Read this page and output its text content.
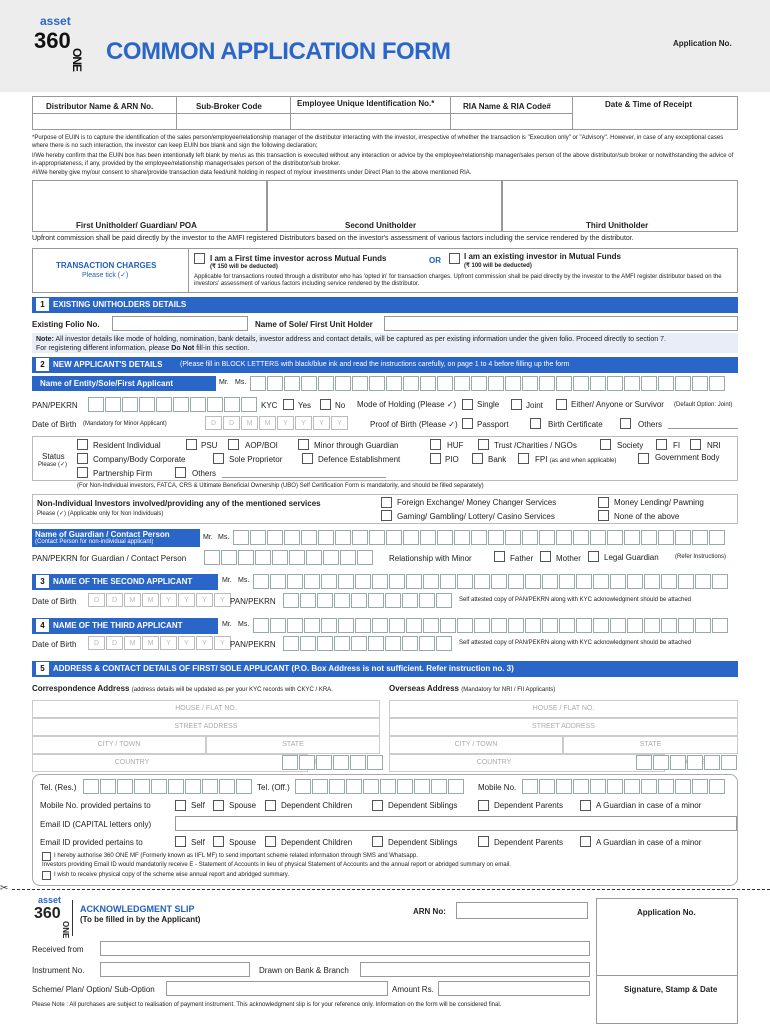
asset
360
ONE COMMON APPLICATION FORM	Application No.
Distributor Name & ARN No.	Sub-Broker Code	Employee Unique Identification No.*	RIA Name & RIA Code#	Date & Time of Receipt
*Purpose of EUIN is to capture the identification of the sales person/employee/relationship manager of the distributor interacting with the investor, irrespective of whether the transaction is "Execution only" or "Advisory". However, in case of any exceptional cases where there is no such interaction, the investor can keep EUIN box blank and sign the following declaration;
I/We hereby confirm that the EUIN box has been intentionally left blank by me/us as this transaction is executed without any interaction or advice by the employee/relationship manager/sales person of the above distributor/sub broker or notwithstanding the advice of in-appropriateness, if any, provided by the employee/relationship manager/sales person of the distributor/sub broker.
#I/We hereby give my/our consent to share/provide transaction data feed/unit holding in respect of my/our investments under Direct Plan to the above mentioned RIA.
First Unitholder/ Guardian/ POA	Second Unitholder	Third Unitholder
Upfront commission shall be paid directly by the investor to the AMFI registered Distributors based on the investor's assessment of various factors including the service rendered by the distributor.
TRANSACTION CHARGES
Please tick (✓)
I am a First time investor across Mutual Funds
(₹ 150 will be deducted)
OR	I am an existing investor in Mutual Funds
(₹ 100 will be deducted)
Applicable for transactions routed through a distributor who has 'opted in' for transaction charges. Upfront commission shall be paid directly by the investor to the AMFI register distributor based on the investors' assessment of various factors including service rendered by the distributor.
1 EXISTING UNITHOLDERS DETAILS
Existing Folio No.	Name of Sole/ First Unit Holder
Note: All investor details like mode of holding, nomination, bank details, investor address and contact details, will be captured as per existing information under the given folio. Proceed directly to section 7.
For registering different information, please Do Not fill-in this section.
2 NEW APPLICANT'S DETAILS	(Please fill in BLOCK LETTERS with black/blue ink and read the instructions carefully, on page 1 to 4 before filling up the form
Name of Entity/Sole/First Applicant	Mr. Ms.
PAN/PEKRN	KYC	Yes	No Mode of Holding (Please ✓)	Single	Joint	Either/ Anyone or Survivor (Default Option: Joint)
Date of Birth (Mandatory for Minor Applicant)	D	D	M	M	Y	Y	Y	Y	Proof of Birth (Please ✓) Passport	Birth Certificate	Others
Status
Please (✓)
Resident Individual	PSU	AOP/BOI	Minor through Guardian	HUF	Trust /Charities / NGOs	Society	FI	NRI
Company/Body Corporate	Sole Proprietor	Defence Establishment	PIO	Bank	FPI (as and when applicable)	Government Body
Partnership Firm	Others
(For Non-Individual investors, FATCA, CRS & Ultimate Beneficial Ownership (UBO) Self Certification Form is mandatorily, and should be filled separately)
Non-Individual Investors involved/providing any of the mentioned services
Please (✓) (Applicable only for Non Individuals)
Foreign Exchange/ Money Changer Services	Money Lending/ Pawning
Gaming/ Gambling/ Lottery/ Casino Services	None of the above
Name of Guardian / Contact Person
(Contact Person for non-individual applicant)
Mr. Ms.
PAN/PEKRN for Guardian / Contact Person	Relationship with Minor	Father	Mother	Legal Guardian	(Refer Instructions)
3 NAME OF THE SECOND APPLICANT	Mr. Ms.
Date of Birth	D	D	M	M	Y	Y	Y	Y PAN/PEKRN	Self attested copy of PAN/PEKRN along with KYC acknowledgment should be attached
4 NAME OF THE THIRD APPLICANT	Mr. Ms.
Date of Birth	D	D	M	M	Y	Y	Y	Y PAN/PEKRN	Self attested copy of PAN/PEKRN along with KYC acknowledgment should be attached
5 ADDRESS & CONTACT DETAILS OF FIRST/ SOLE APPLICANT (P.O. Box Address is not sufficient. Refer instruction no. 3)
Correspondence Address (address details will be updated as per your KYC records with CKYC / KRA.	Overseas Address (Mandatory for NRI / FII Applicants)
HOUSE / FLAT NO.
STREET ADDRESS
CITY / TOWN	STATE
COUNTRY
HOUSE / FLAT NO.
STREET ADDRESS
CITY / TOWN	STATE
COUNTRY
Tel. (Res.)	Tel. (Off.)	Mobile No.
Mobile No. provided pertains to	Self	Spouse	Dependent Children	Dependent Siblings	Dependent Parents	A Guardian in case of a minor
Email ID (CAPITAL letters only)
Email ID provided pertains to	Self	Spouse	Dependent Children	Dependent Siblings	Dependent Parents	A Guardian in case of a minor
I hereby authorise 360 ONE MF (Formerly known as IIFL MF) to send important scheme related information through SMS and Whatsapp.
Investors providing Email ID would mandatorily receive E - Statement of Accounts in lieu of physical Statement of Accounts and the annual report or abridged summary on email.
I wish to receive physical copy of the scheme wise annual report and abridged summary.
✂
asset
360
ONE
ACKNOWLEDGMENT SLIP
(To be filled in by the Applicant)
ARN No:	Application No.
Received from
Instrument No.	Drawn on Bank & Branch
Scheme/ Plan/ Option/ Sub-Option	Amount Rs.	Signature, Stamp & Date
Please Note : All purchases are subject to realisation of payment instrument. This acknowledgment slip is for your reference only. Information on the form will be considered final.
